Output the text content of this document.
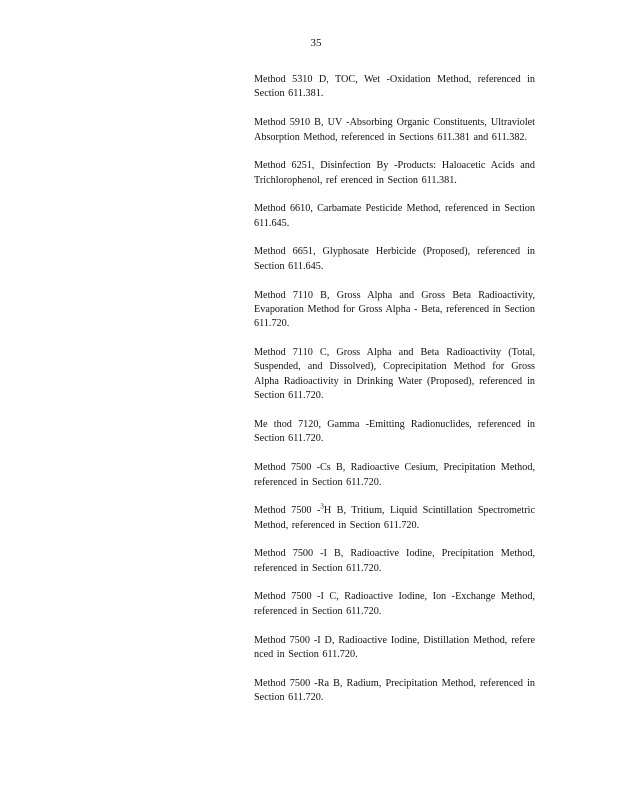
35

Method 5310 D, TOC, Wet -Oxidation Method, referenced in Section 611.381.

Method 5910 B, UV -Absorbing Organic Constituents, Ultraviolet Absorption Method, referenced in Sections 611.381 and 611.382.

Method 6251, Disinfection By -Products: Haloacetic Acids and Trichlorophenol, ref erenced in Section 611.381.

Method 6610, Carbamate Pesticide Method, referenced in Section 611.645.

Method 6651, Glyphosate Herbicide (Proposed), referenced in Section 611.645.

Method 7110 B, Gross Alpha and Gross Beta Radioactivity, Evaporation Method for Gross Alpha - Beta, referenced in Section 611.720.

Method 7110 C, Gross Alpha and Beta Radioactivity (Total, Suspended, and Dissolved), Coprecipitation Method for Gross Alpha Radioactivity in Drinking Water (Proposed), referenced in Section 611.720.

Me thod 7120, Gamma -Emitting Radionuclides, referenced in Section 611.720.

Method 7500 -Cs B, Radioactive Cesium, Precipitation Method, referenced in Section 611.720.

Method 7500 -$^3$H B, Tritium, Liquid Scintillation Spectrometric Method, referenced in Section 611.720.

Method 7500 -I B, Radioactive Iodine, Precipitation Method, referenced in Section 611.720.

Method 7500 -I C, Radioactive Iodine, Ion -Exchange Method, referenced in Section 611.720.

Method 7500 -I D, Radioactive Iodine, Distillation Method, refere nced in Section 611.720.

Method 7500 -Ra B, Radium, Precipitation Method, referenced in Section 611.720.
